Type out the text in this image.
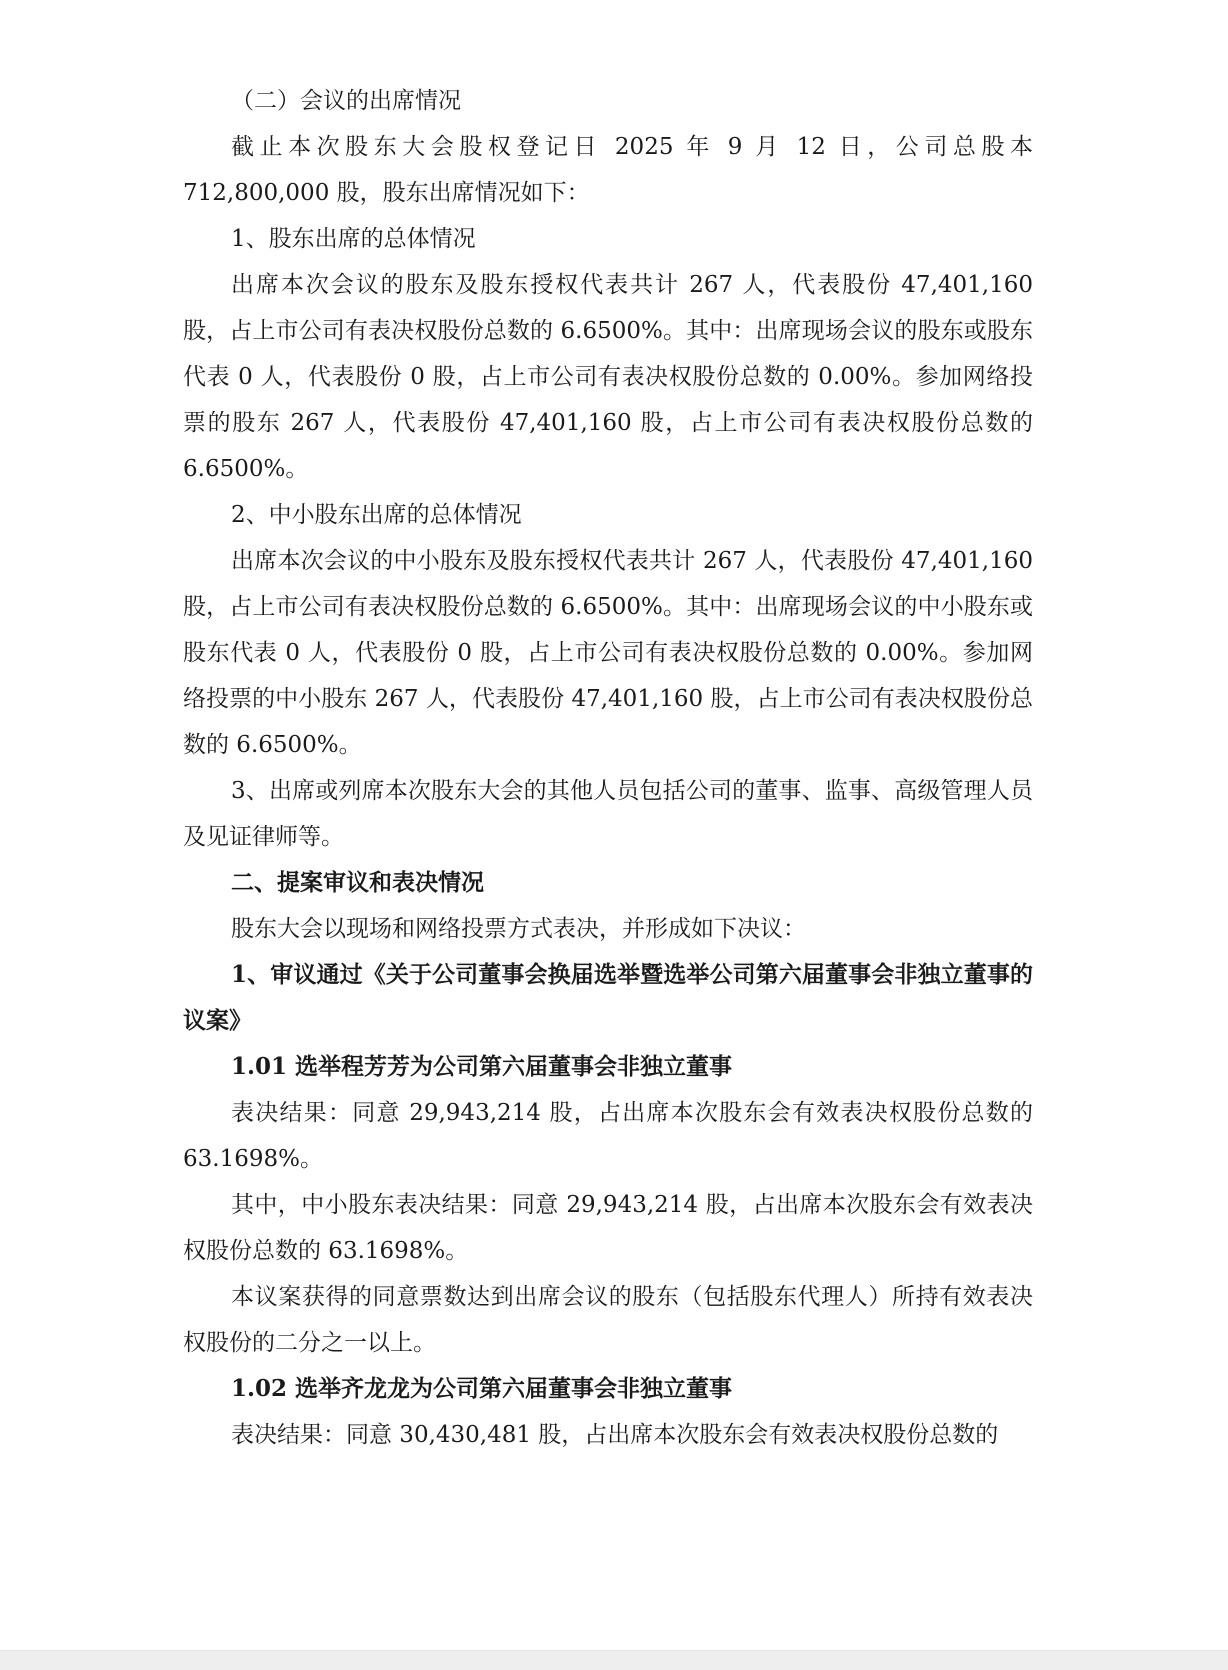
（二）会议的出席情况

截止本次股东大会股权登记日 2025 年 9 月 12 日，公司总股本 712,800,000 股，股东出席情况如下：

1、股东出席的总体情况

出席本次会议的股东及股东授权代表共计 267 人，代表股份 47,401,160 股，占上市公司有表决权股份总数的 6.6500%。其中：出席现场会议的股东或股东代表 0 人，代表股份 0 股，占上市公司有表决权股份总数的 0.00%。参加网络投票的股东 267 人，代表股份 47,401,160 股，占上市公司有表决权股份总数的 6.6500%。

2、中小股东出席的总体情况

出席本次会议的中小股东及股东授权代表共计 267 人，代表股份 47,401,160 股，占上市公司有表决权股份总数的 6.6500%。其中：出席现场会议的中小股东或股东代表 0 人，代表股份 0 股，占上市公司有表决权股份总数的 0.00%。参加网络投票的中小股东 267 人，代表股份 47,401,160 股，占上市公司有表决权股份总数的 6.6500%。

3、出席或列席本次股东大会的其他人员包括公司的董事、监事、高级管理人员及见证律师等。

二、提案审议和表决情况

股东大会以现场和网络投票方式表决，并形成如下决议：

1、审议通过《关于公司董事会换届选举暨选举公司第六届董事会非独立董事的议案》

1.01 选举程芳芳为公司第六届董事会非独立董事

表决结果：同意 29,943,214 股，占出席本次股东会有效表决权股份总数的 63.1698%。

其中，中小股东表决结果：同意 29,943,214 股，占出席本次股东会有效表决权股份总数的 63.1698%。

本议案获得的同意票数达到出席会议的股东（包括股东代理人）所持有效表决权股份的二分之一以上。

1.02 选举齐龙龙为公司第六届董事会非独立董事

表决结果：同意 30,430,481 股，占出席本次股东会有效表决权股份总数的
